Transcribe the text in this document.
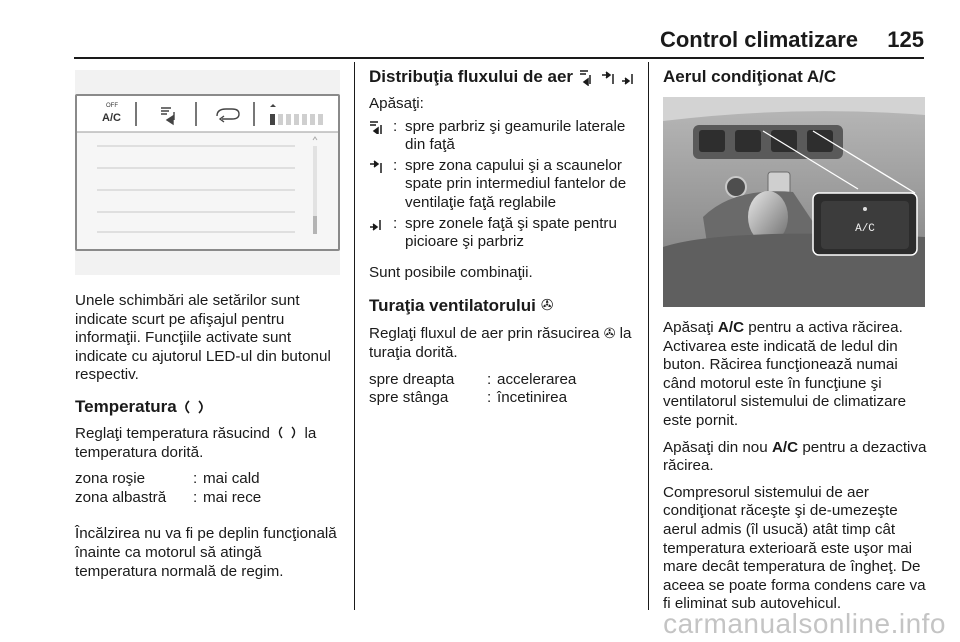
Control climatizare 125
OFF
A/C

Unele schimbări ale setărilor sunt indicate scurt pe afişajul pentru informaţii. Funcţiile activate sunt indicate cu ajutorul LED-ul din butonul respectiv.

Temperatura

Reglaţi temperatura răsucind la temperatura dorită.

zona roşie	: mai cald
zona albastră	: mai rece

Încălzirea nu va fi pe deplin funcţională înainte ca motorul să atingă temperatura normală de regim.

Distribuţia fluxului de aer

Apăsaţi:

: spre parbriz şi geamurile laterale din faţă
: spre zona capului şi a scaunelor spate prin intermediul fantelor de ventilaţie faţă reglabile
: spre zonele faţă şi spate pentru picioare şi parbriz

Sunt posibile combinaţii.

Turaţia ventilatorului ✇

Reglaţi fluxul de aer prin răsucirea ✇ la turaţia dorită.

spre dreapta	: accelerarea
spre stânga	: încetinirea
Aerul condiţionat A/C
A/C

Apăsaţi A/C pentru a activa răcirea. Activarea este indicată de ledul din buton. Răcirea funcţionează numai când motorul este în funcţiune şi ventilatorul sistemului de climatizare este pornit.

Apăsaţi din nou A/C pentru a dezactiva răcirea.

Compresorul sistemului de aer condiţionat răceşte şi de-umezeşte aerul admis (îl usucă) atât timp cât temperatura exterioară este uşor mai mare decât temperatura de îngheţ. De aceea se poate forma condens care va fi eliminat sub autovehicul.

carmanualsonline.info
